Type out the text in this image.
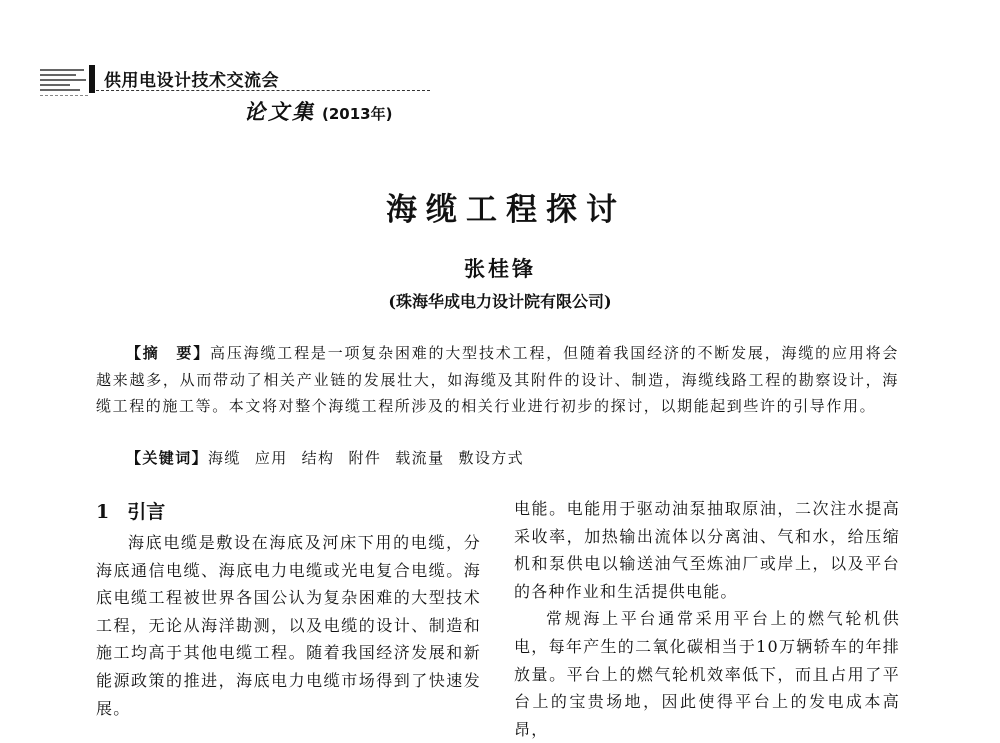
供用电设计技术交流会
论文集 (2013年)
海缆工程探讨
张桂锋
(珠海华成电力设计院有限公司)

【摘　要】高压海缆工程是一项复杂困难的大型技术工程，但随着我国经济的不断发展，海缆的应用将会越来越多，从而带动了相关产业链的发展壮大，如海缆及其附件的设计、制造，海缆线路工程的勘察设计，海缆工程的施工等。本文将对整个海缆工程所涉及的相关行业进行初步的探讨，以期能起到些许的引导作用。

【关键词】海缆 应用 结构 附件 载流量 敷设方式

1 引言

海底电缆是敷设在海底及河床下用的电缆，分海底通信电缆、海底电力电缆或光电复合电缆。海底电缆工程被世界各国公认为复杂困难的大型技术工程，无论从海洋勘测，以及电缆的设计、制造和施工均高于其他电缆工程。随着我国经济发展和新能源政策的推进，海底电力电缆市场得到了快速发展。

电能。电能用于驱动油泵抽取原油，二次注水提高采收率，加热输出流体以分离油、气和水，给压缩机和泵供电以输送油气至炼油厂或岸上，以及平台的各种作业和生活提供电能。

常规海上平台通常采用平台上的燃气轮机供电，每年产生的二氧化碳相当于10万辆轿车的年排放量。平台上的燃气轮机效率低下，而且占用了平台上的宝贵场地，因此使得平台上的发电成本高昂，
